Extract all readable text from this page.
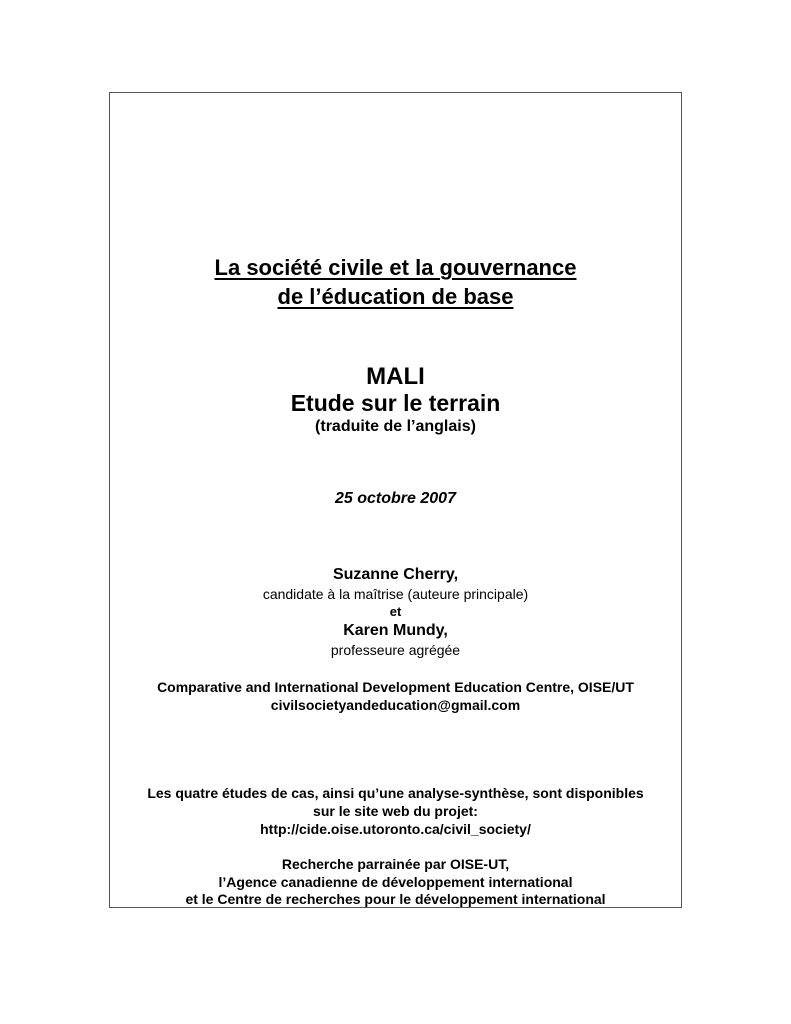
La société civile et la gouvernance
de l’éducation de base
MALI
Etude sur le terrain
(traduite de l’anglais)
25 octobre 2007
Suzanne Cherry,
candidate à la maîtrise (auteure principale)
et
Karen Mundy,
professeure agrégée
Comparative and International Development Education Centre, OISE/UT
civilsocietyandeducation@gmail.com
Les quatre études de cas, ainsi qu’une analyse-synthèse, sont disponibles
sur le site web du projet:
http://cide.oise.utoronto.ca/civil_society/
Recherche parrainée par OISE-UT,
l’Agence canadienne de développement international
et le Centre de recherches pour le développement international
